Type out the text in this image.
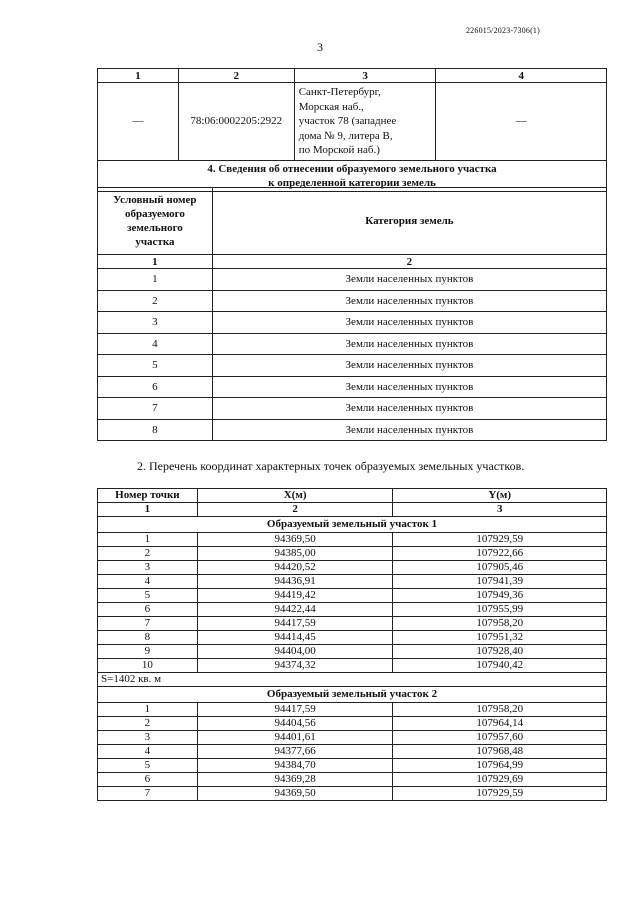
226015/2023-7306(1)
3
1	2	3	4
—	78:06:0002205:2922	Санкт-Петербург,
Морская наб.,
участок 78 (западнее
дома № 9, литера В,
по Морской наб.)	—

4. Сведения об отнесении образуемого земельного участка
к определенной категории земель			
Условный номер
образуемого
земельного
участка	Категория земель
1	2
1	Земли населенных пунктов
2	Земли населенных пунктов
3	Земли населенных пунктов
4	Земли населенных пунктов
5	Земли населенных пунктов
6	Земли населенных пунктов
7	Земли населенных пунктов
8	Земли населенных пунктов
2. Перечень координат характерных точек образуемых земельных участков.
Номер точки	X(м)	Y(м)
1	2	3
Образуемый земельный участок 1		
1	94369,50	107929,59
2	94385,00	107922,66
3	94420,52	107905,46
4	94436,91	107941,39
5	94419,42	107949,36
6	94422,44	107955,99
7	94417,59	107958,20
8	94414,45	107951,32
9	94404,00	107928,40
10	94374,32	107940,42
S=1402 кв. м		
Образуемый земельный участок 2		
1	94417,59	107958,20
2	94404,56	107964,14
3	94401,61	107957,60
4	94377,66	107968,48
5	94384,70	107964,99
6	94369,28	107929,69
7	94369,50	107929,59
